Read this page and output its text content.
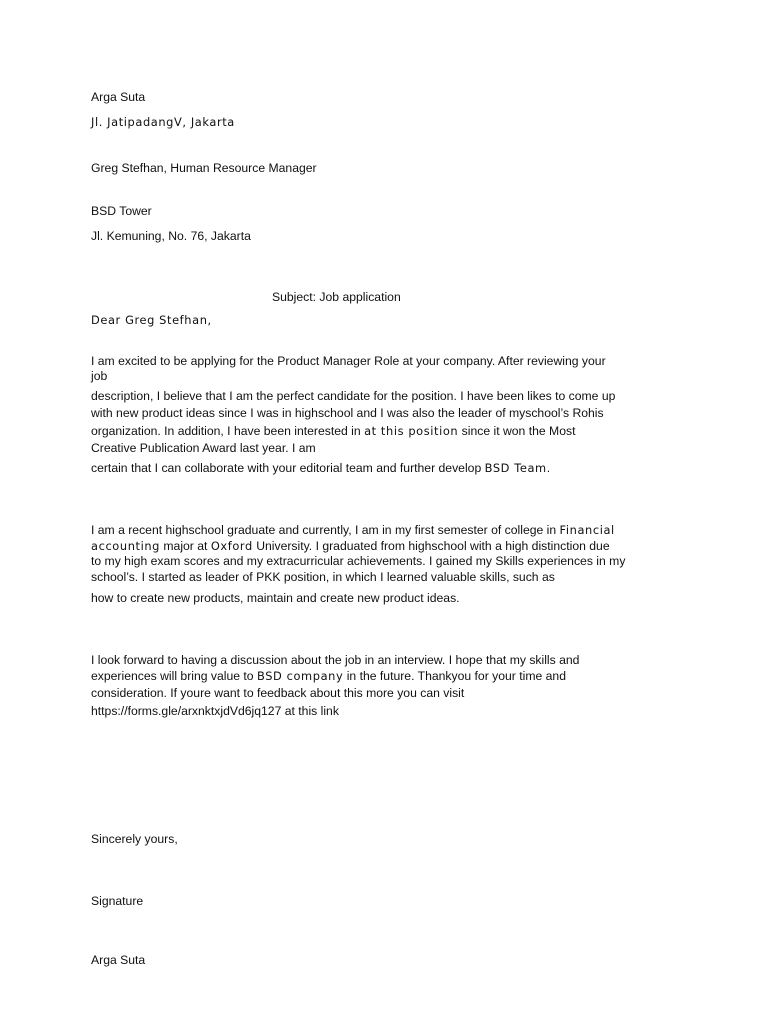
Arga Suta
Jl. JatipadangV, Jakarta
Greg Stefhan, Human Resource Manager
BSD Tower
Jl. Kemuning, No. 76, Jakarta
Subject: Job application
Dear Greg Stefhan,
I am excited to be applying for the Product Manager Role at your company. After reviewing your
job
description, I believe that I am the perfect candidate for the position. I have been likes to come up
with new product ideas since I was in highschool and I was also the leader of myschool’s Rohis
organization. In addition, I have been interested in at this position since it won the Most
Creative Publication Award last year. I am
certain that I can collaborate with your editorial team and further develop BSD Team.
I am a recent highschool graduate and currently, I am in my first semester of college in Financial
accounting major at Oxford University. I graduated from highschool with a high distinction due
to my high exam scores and my extracurricular achievements. I gained my Skills experiences in my
school’s. I started as leader of PKK position, in which I learned valuable skills, such as
how to create new products, maintain and create new product ideas.
I look forward to having a discussion about the job in an interview. I hope that my skills and
experiences will bring value to BSD company in the future. Thankyou for your time and
consideration. If youre want to feedback about this more you can visit
https://forms.gle/arxnktxjdVd6jq127 at this link
Sincerely yours,
Signature
Arga Suta
